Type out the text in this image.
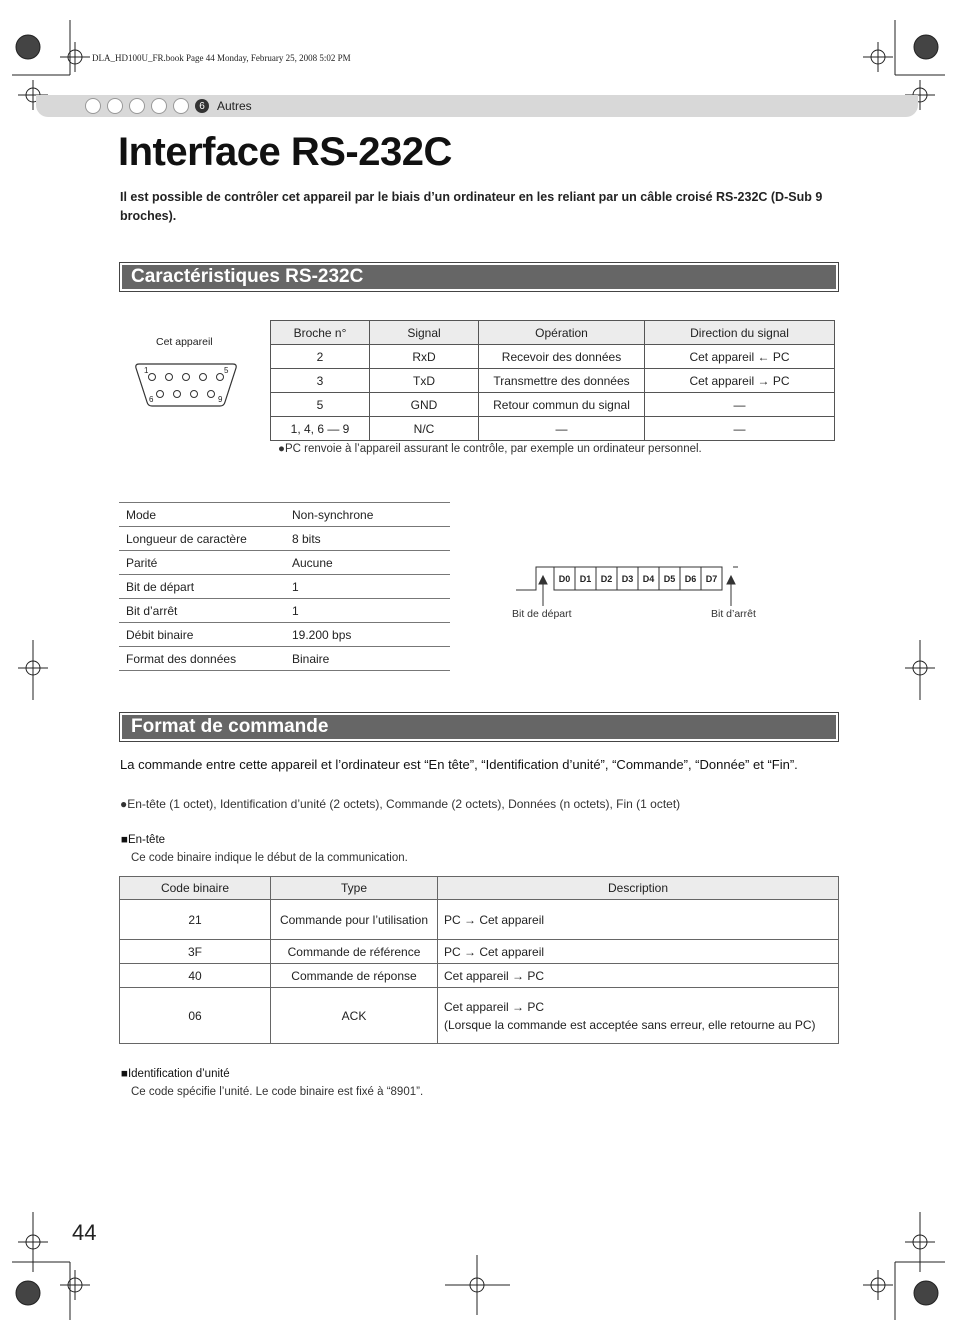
DLA_HD100U_FR.book Page 44 Monday, February 25, 2008 5:02 PM
6	Autres
Interface RS-232C
Il est possible de contrôler cet appareil par le biais d’un ordinateur en les reliant par un câble croisé RS-232C (D-Sub 9 broches).
Caractéristiques RS-232C
Cet appareil
1	5
6	9
Broche n°	Signal	Opération	Direction du signal
2	RxD	Recevoir des données	Cet appareil ← PC
3	TxD	Transmettre des données	Cet appareil → PC
5	GND	Retour commun du signal	—
1, 4, 6 — 9	N/C	—	—
●PC renvoie à l’appareil assurant le contrôle, par exemple un ordinateur personnel.
Mode	Non-synchrone
Longueur de caractère	8 bits
Parité	Aucune
Bit de départ	1
Bit d’arrêt	1
Débit binaire	19.200 bps
Format des données	Binaire
D0 D1 D2 D3 D4 D5 D6 D7
Bit de départ	Bit d’arrêt
Format de commande
La commande entre cette appareil et l’ordinateur est “En tête”, “Identification d’unité”, “Commande”, “Donnée” et “Fin”.
●En-tête (1 octet), Identification d’unité (2 octets), Commande (2 octets), Données (n octets), Fin (1 octet)
■En-tête
Ce code binaire indique le début de la communication.
Code binaire	Type	Description
21	Commande pour l’utilisation	PC → Cet appareil
3F	Commande de référence	PC → Cet appareil
40	Commande de réponse	Cet appareil → PC
06	ACK	Cet appareil → PC
(Lorsque la commande est acceptée sans erreur, elle retourne au PC)
■Identification d’unité
Ce code spécifie l’unité. Le code binaire est fixé à “8901”.
44
